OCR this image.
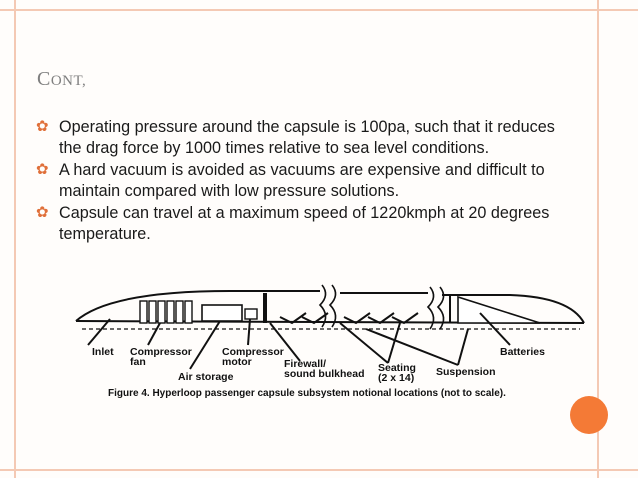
CONT,
✿ Operating pressure around the capsule is 100pa, such that it reduces the drag force by 1000 times relative to sea level conditions.
✿ A hard vacuum is avoided as vacuums are expensive and difficult to maintain compared with low pressure solutions.
✿ Capsule can travel at a maximum speed of 1220kmph at 20 degrees temperature.
Inlet Compressor
fan
Air storage
Compressor
motor	Firewall/
sound bulkhead Seating
(2 x 14) Suspension
Batteries
Figure 4. Hyperloop passenger capsule subsystem notional locations (not to scale).
